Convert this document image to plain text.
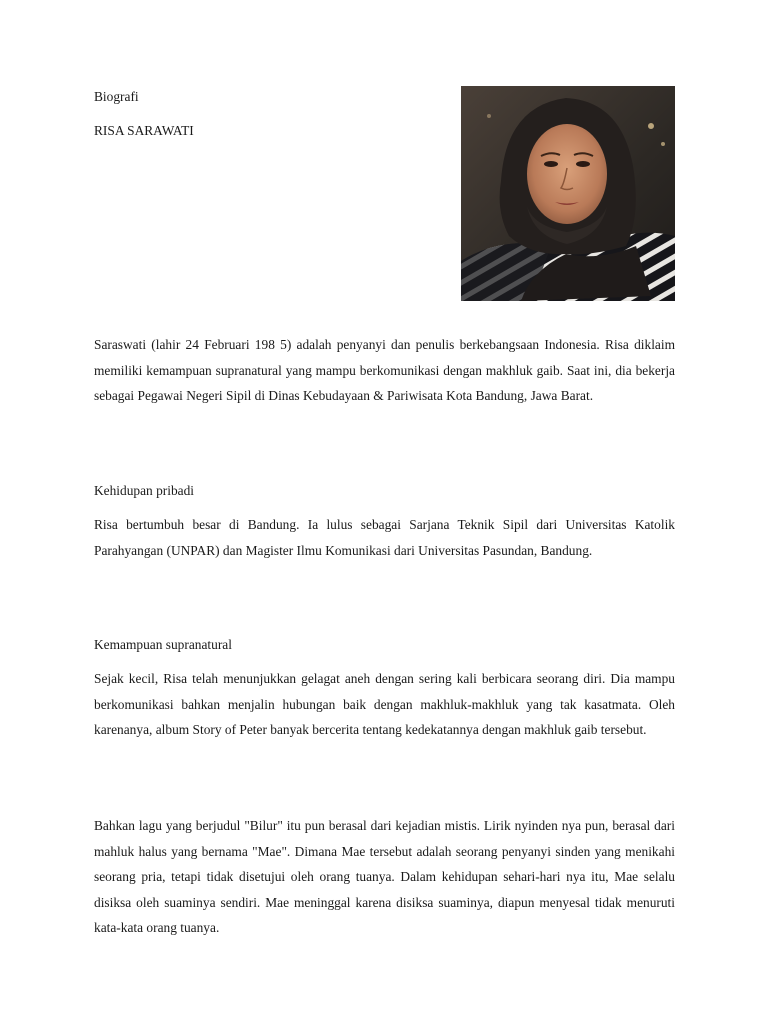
Biografi
RISA SARAWATI
Saraswati (lahir 24 Februari 198 5) adalah penyanyi dan penulis berkebangsaan Indonesia. Risa diklaim memiliki kemampuan supranatural yang mampu berkomunikasi dengan makhluk gaib. Saat ini, dia bekerja sebagai Pegawai Negeri Sipil di Dinas Kebudayaan & Pariwisata Kota Bandung, Jawa Barat.
Kehidupan pribadi
Risa bertumbuh besar di Bandung. Ia lulus sebagai Sarjana Teknik Sipil dari Universitas Katolik Parahyangan (UNPAR) dan Magister Ilmu Komunikasi dari Universitas Pasundan, Bandung.
Kemampuan supranatural
Sejak kecil, Risa telah menunjukkan gelagat aneh dengan sering kali berbicara seorang diri. Dia mampu berkomunikasi bahkan menjalin hubungan baik dengan makhluk-makhluk yang tak kasatmata. Oleh karenanya, album Story of Peter banyak bercerita tentang kedekatannya dengan makhluk gaib tersebut.
Bahkan lagu yang berjudul "Bilur" itu pun berasal dari kejadian mistis. Lirik nyinden nya pun, berasal dari mahluk halus yang bernama "Mae". Dimana Mae tersebut adalah seorang penyanyi sinden yang menikahi seorang pria, tetapi tidak disetujui oleh orang tuanya. Dalam kehidupan sehari-hari nya itu, Mae selalu disiksa oleh suaminya sendiri. Mae meninggal karena disiksa suaminya, diapun menyesal tidak menuruti kata-kata orang tuanya.
